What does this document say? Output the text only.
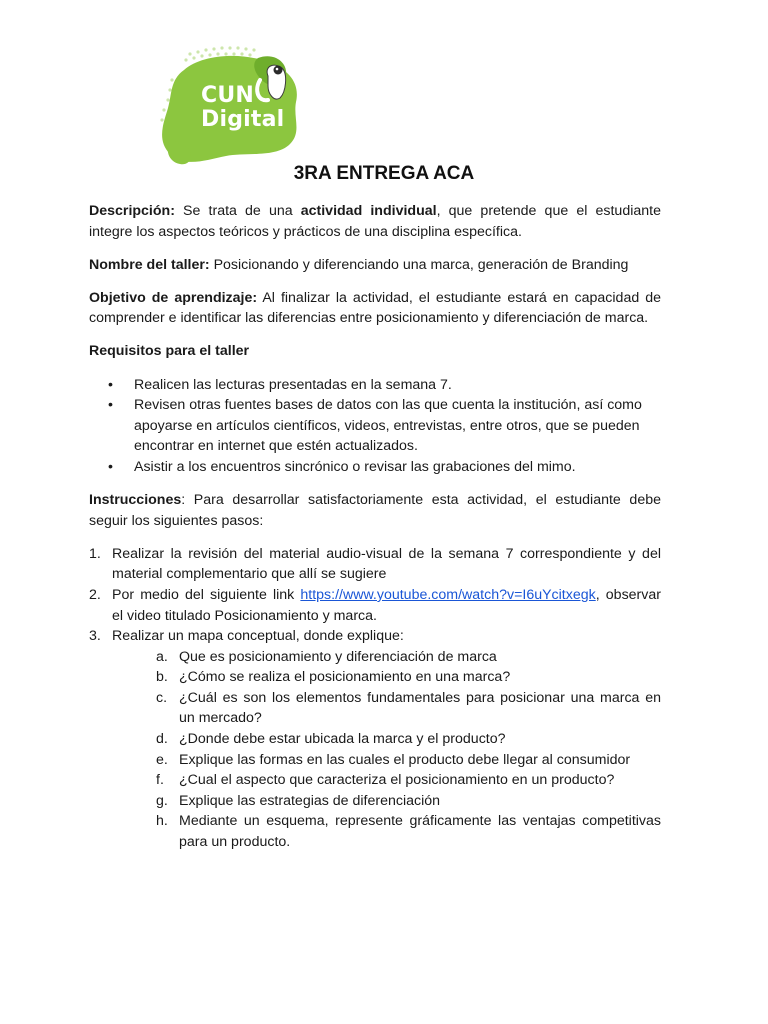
CUN
Digital
3RA ENTREGA ACA

Descripción: Se trata de una actividad individual, que pretende que el estudiante integre los aspectos teóricos y prácticos de una disciplina específica.

Nombre del taller: Posicionando y diferenciando una marca, generación de Branding

Objetivo de aprendizaje: Al finalizar la actividad, el estudiante estará en capacidad de comprender e identificar las diferencias entre posicionamiento y diferenciación de marca.

Requisitos para el taller

• Realicen las lecturas presentadas en la semana 7.
• Revisen otras fuentes bases de datos con las que cuenta la institución, así como apoyarse en artículos científicos, videos, entrevistas, entre otros, que se pueden encontrar en internet que estén actualizados.
• Asistir a los encuentros sincrónico o revisar las grabaciones del mimo.

Instrucciones: Para desarrollar satisfactoriamente esta actividad, el estudiante debe seguir los siguientes pasos:

1. Realizar la revisión del material audio-visual de la semana 7 correspondiente y del material complementario que allí se sugiere
2. Por medio del siguiente link https://www.youtube.com/watch?v=I6uYcitxegk, observar el video titulado Posicionamiento y marca.
3. Realizar un mapa conceptual, donde explique:
a. Que es posicionamiento y diferenciación de marca
b. ¿Cómo se realiza el posicionamiento en una marca?
c. ¿Cuál es son los elementos fundamentales para posicionar una marca en un mercado?
d. ¿Donde debe estar ubicada la marca y el producto?
e. Explique las formas en las cuales el producto debe llegar al consumidor
f. ¿Cual el aspecto que caracteriza el posicionamiento en un producto?
g. Explique las estrategias de diferenciación
h. Mediante un esquema, represente gráficamente las ventajas competitivas para un producto.
